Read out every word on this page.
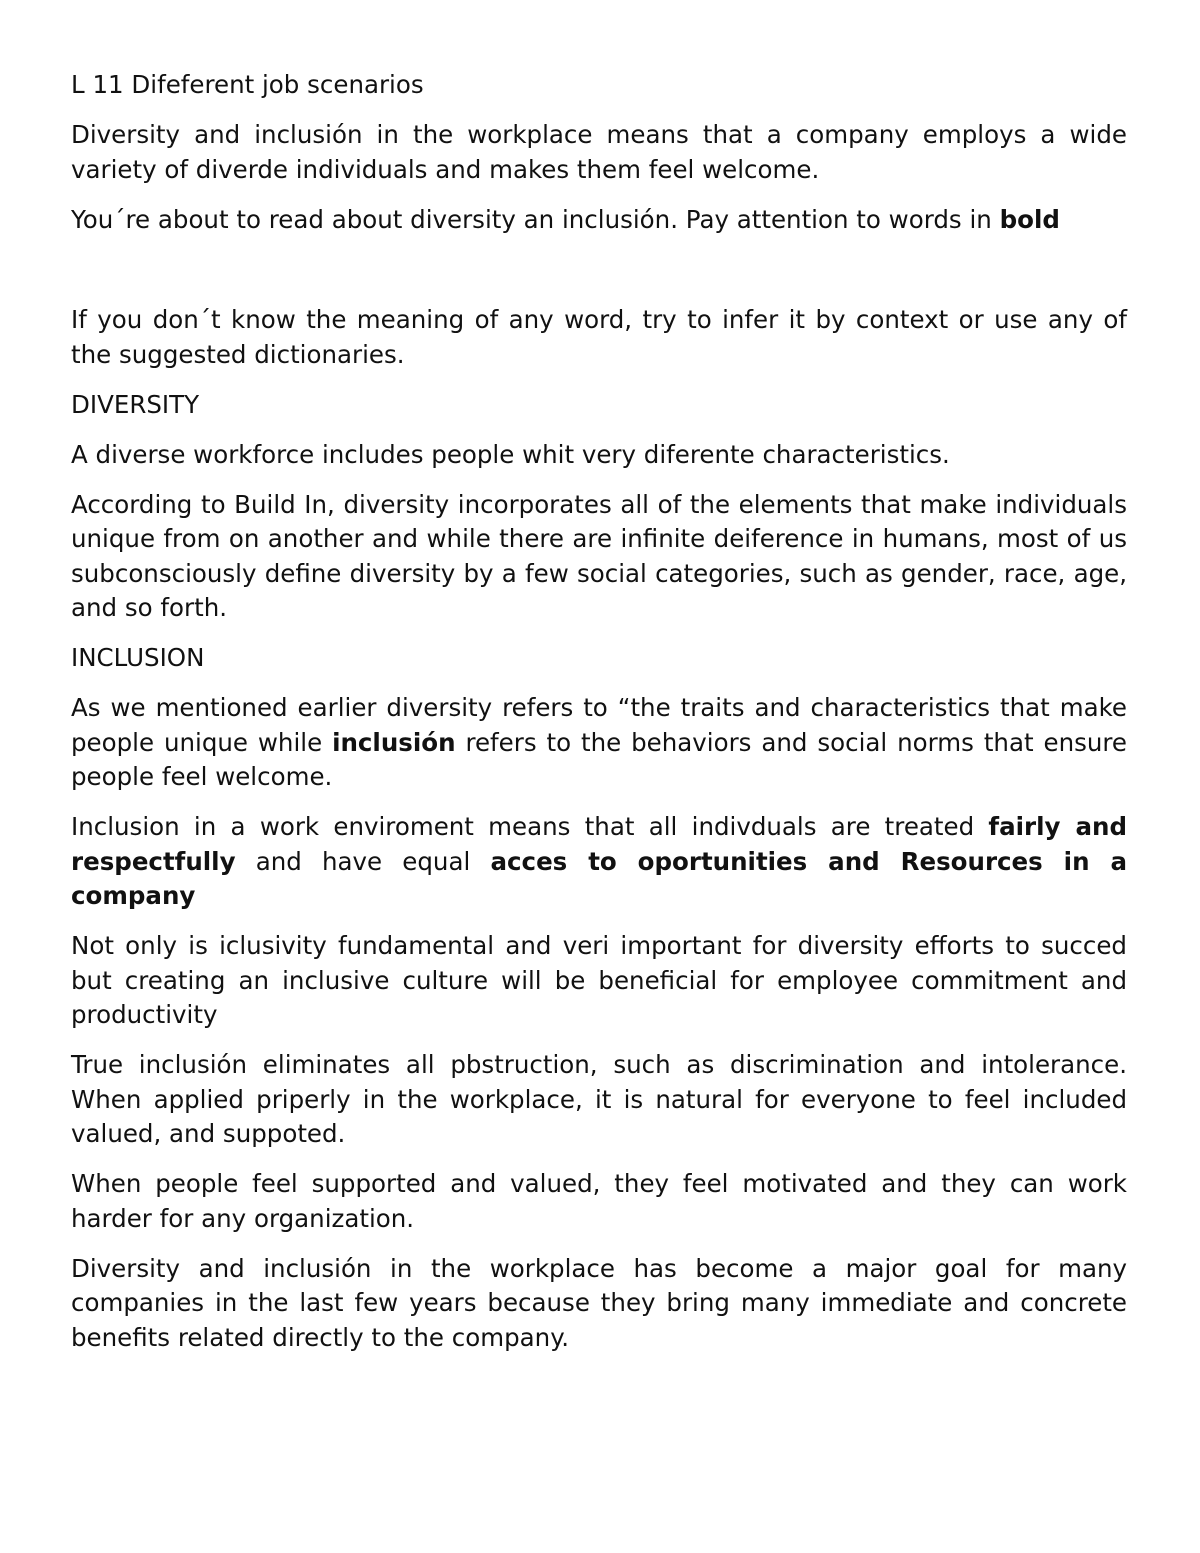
L 11 Difeferent job scenarios

Diversity and inclusión in the workplace means that a company employs a wide variety of diverde individuals and makes them feel welcome.

You´re about to read about diversity an inclusión. Pay attention to words in bold

If you don´t know the meaning of any word, try to infer it by context or use any of the suggested dictionaries.

DIVERSITY

A diverse workforce includes people whit very diferente characteristics.

According to Build In, diversity incorporates all of the elements that make individuals unique from on another and while there are infinite deiference in humans, most of us subconsciously define diversity by a few social categories, such as gender, race, age, and so forth.

INCLUSION

As we mentioned earlier diversity refers to “the traits and characteristics that make people unique while inclusión refers to the behaviors and social norms that ensure people feel welcome.

Inclusion in a work enviroment means that all indivduals are treated fairly and respectfully and have equal acces to oportunities and Resources in a company

Not only is iclusivity fundamental and veri important for diversity efforts to succed but creating an inclusive culture will be beneficial for employee commitment and productivity

True inclusión eliminates all pbstruction, such as discrimination and intolerance. When applied priperly in the workplace, it is natural for everyone to feel included valued, and suppoted.

When people feel supported and valued, they feel motivated and they can work harder for any organization.

Diversity and inclusión in the workplace has become a major goal for many companies in the last few years because they bring many immediate and concrete benefits related directly to the company.
